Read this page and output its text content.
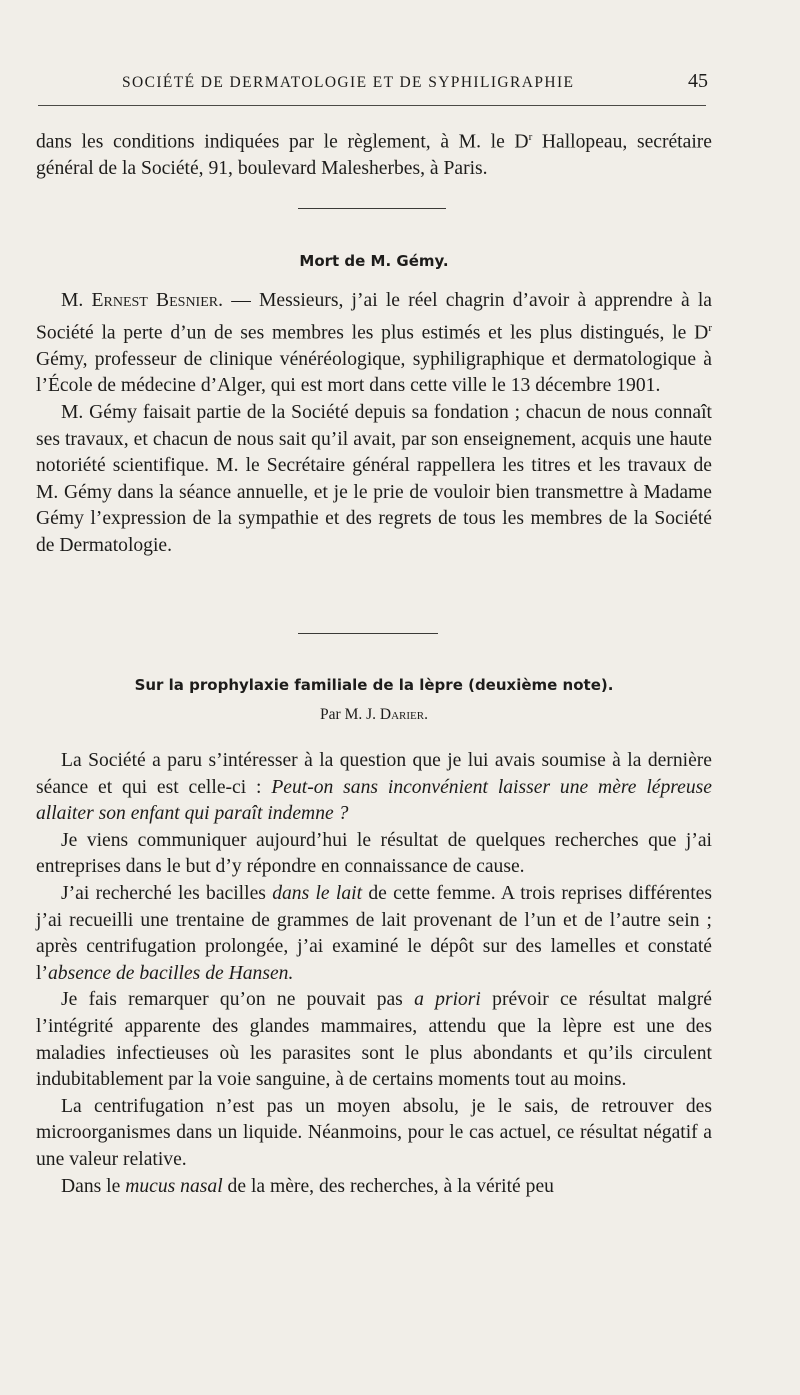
SOCIÉTÉ DE DERMATOLOGIE ET DE SYPHILIGRAPHIE	45

dans les conditions indiquées par le règlement, à M. le $D^r$ Hallopeau, secrétaire général de la Société, 91, boulevard Malesherbes, à Paris.

Mort de M. Gémy.

M. Ernest Besnier. — Messieurs, j’ai le réel chagrin d’avoir à apprendre à la Société la perte d’un de ses membres les plus estimés et les plus distingués, le $D^r$ Gémy, professeur de clinique vénéréologique, syphiligraphique et dermatologique à l’École de médecine d’Alger, qui est mort dans cette ville le 13 décembre 1901.

M. Gémy faisait partie de la Société depuis sa fondation ; chacun de nous connaît ses travaux, et chacun de nous sait qu’il avait, par son enseignement, acquis une haute notoriété scientifique. M. le Secrétaire général rappellera les titres et les travaux de M. Gémy dans la séance annuelle, et je le prie de vouloir bien transmettre à Madame Gémy l’expression de la sympathie et des regrets de tous les membres de la Société de Dermatologie.

Sur la prophylaxie familiale de la lèpre (deuxième note).
Par M. J. Darier.

La Société a paru s’intéresser à la question que je lui avais soumise à la dernière séance et qui est celle-ci : Peut-on sans inconvénient laisser une mère lépreuse allaiter son enfant qui paraît indemne ?

Je viens communiquer aujourd’hui le résultat de quelques recherches que j’ai entreprises dans le but d’y répondre en connaissance de cause.

J’ai recherché les bacilles dans le lait de cette femme. A trois reprises différentes j’ai recueilli une trentaine de grammes de lait provenant de l’un et de l’autre sein ; après centrifugation prolongée, j’ai examiné le dépôt sur des lamelles et constaté l’absence de bacilles de Hansen.

Je fais remarquer qu’on ne pouvait pas a priori prévoir ce résultat malgré l’intégrité apparente des glandes mammaires, attendu que la lèpre est une des maladies infectieuses où les parasites sont le plus abondants et qu’ils circulent indubitablement par la voie sanguine, à de certains moments tout au moins.

La centrifugation n’est pas un moyen absolu, je le sais, de retrouver des microorganismes dans un liquide. Néanmoins, pour le cas actuel, ce résultat négatif a une valeur relative.

Dans le mucus nasal de la mère, des recherches, à la vérité peu
